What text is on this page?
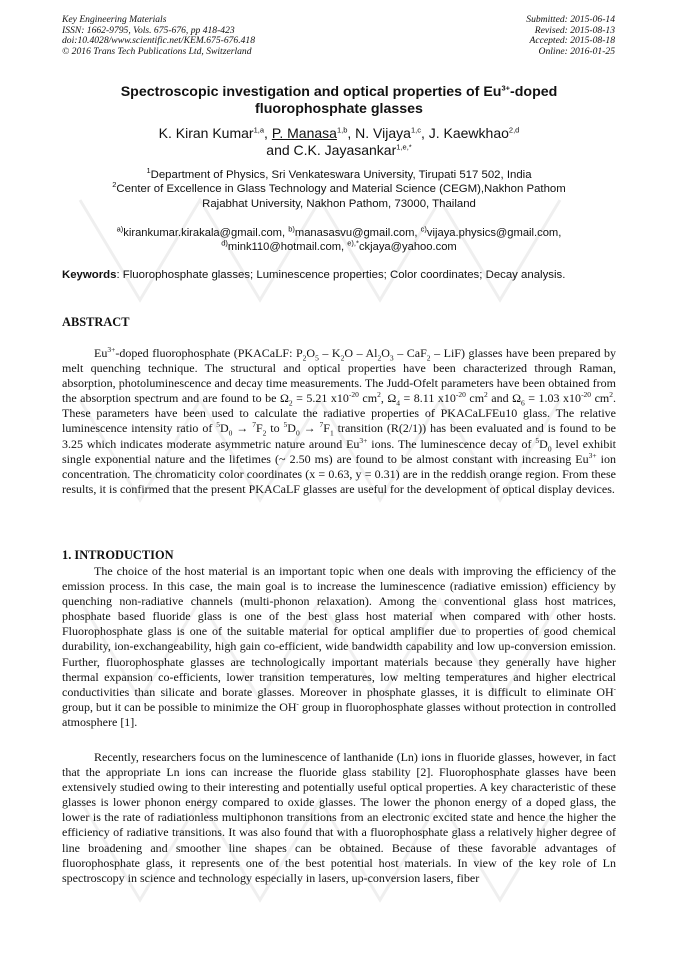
Key Engineering Materials
ISSN: 1662-9795, Vols. 675-676, pp 418-423
doi:10.4028/www.scientific.net/KEM.675-676.418
© 2016 Trans Tech Publications Ltd, Switzerland
Submitted: 2015-06-14
Revised: 2015-08-13
Accepted: 2015-08-18
Online: 2016-01-25
Spectroscopic investigation and optical properties of $Eu^{3+}$-doped
fluorophosphate glasses
K. Kiran Kumar$^{1,a}$, P. Manasa$^{1,b}$, N. Vijaya$^{1,c}$, J. Kaewkhao$^{2,d}$
and C.K. Jayasankar$^{1,e,*}$
$^1$Department of Physics, Sri Venkateswara University, Tirupati 517 502, India
$^2$Center of Excellence in Glass Technology and Material Science (CEGM),Nakhon Pathom
Rajabhat University, Nakhon Pathom, 73000, Thailand
$^{a)}$kirankumar.kirakala@gmail.com, $^{b)}$manasasvu@gmail.com, $^{c)}$vijaya.physics@gmail.com,
$^{d)}$mink110@hotmail.com, $^{e),*}$ckjaya@yahoo.com
Keywords: Fluorophosphate glasses; Luminescence properties; Color coordinates; Decay analysis.
ABSTRACT
$Eu^{3+}$-doped fluorophosphate (PKACaLF: $P_2O_5 - K_2O - Al_2O_3 - CaF_2 - LiF$) glasses have been prepared by melt quenching technique. The structural and optical properties have been characterized through Raman, absorption, photoluminescence and decay time measurements. The Judd-Ofelt parameters have been obtained from the absorption spectrum and are found to be $\Omega_2 = 5.21$ $x10^{-20}$ $cm^2$, $\Omega_4 = 8.11$ $x10^{-20}$ $cm^2$ and $\Omega_6 = 1.03$ $x10^{-20}$ $cm^2$. These parameters have been used to calculate the radiative properties of PKACaLFEu10 glass. The relative luminescence intensity ratio of $^5D_0 \to ^7F_2$ to $^5D_0 \to ^7F_1$ transition (R(2/1)) has been evaluated and is found to be 3.25 which indicates moderate asymmetric nature around $Eu^{3+}$ ions. The luminescence decay of $^5D_0$ level exhibit single exponential nature and the lifetimes (~ 2.50 ms) are found to be almost constant with increasing $Eu^{3+}$ ion concentration. The chromaticity color coordinates (x = 0.63, y = 0.31) are in the reddish orange region. From these results, it is confirmed that the present PKACaLF glasses are useful for the development of optical display devices.
1. INTRODUCTION
The choice of the host material is an important topic when one deals with improving the efficiency of the emission process. In this case, the main goal is to increase the luminescence (radiative emission) efficiency by quenching non-radiative channels (multi-phonon relaxation). Among the conventional glass host matrices, phosphate based fluoride glass is one of the best glass host material when compared with other hosts. Fluorophosphate glass is one of the suitable material for optical amplifier due to properties of good chemical durability, ion-exchangeability, high gain co-efficient, wide bandwidth capability and low up-conversion emission. Further, fluorophosphate glasses are technologically important materials because they generally have higher thermal expansion co-efficients, lower transition temperatures, low melting temperatures and higher electrical conductivities than silicate and borate glasses. Moreover in phosphate glasses, it is difficult to eliminate OH- group, but it can be possible to minimize the OH- group in fluorophosphate glasses without protection in controlled atmosphere [1].
Recently, researchers focus on the luminescence of lanthanide (Ln) ions in fluoride glasses, however, in fact that the appropriate Ln ions can increase the fluoride glass stability [2]. Fluorophosphate glasses have been extensively studied owing to their interesting and potentially useful optical properties. A key characteristic of these glasses is lower phonon energy compared to oxide glasses. The lower the phonon energy of a doped glass, the lower is the rate of radiationless multiphonon transitions from an electronic excited state and hence the higher the efficiency of radiative transitions. It was also found that with a fluorophosphate glass a relatively higher degree of line broadening and smoother line shapes can be obtained. Because of these favorable advantages of fluorophosphate glass, it represents one of the best potential host materials. In view of the key role of Ln spectroscopy in science and technology especially in lasers, up-conversion lasers, fiber
